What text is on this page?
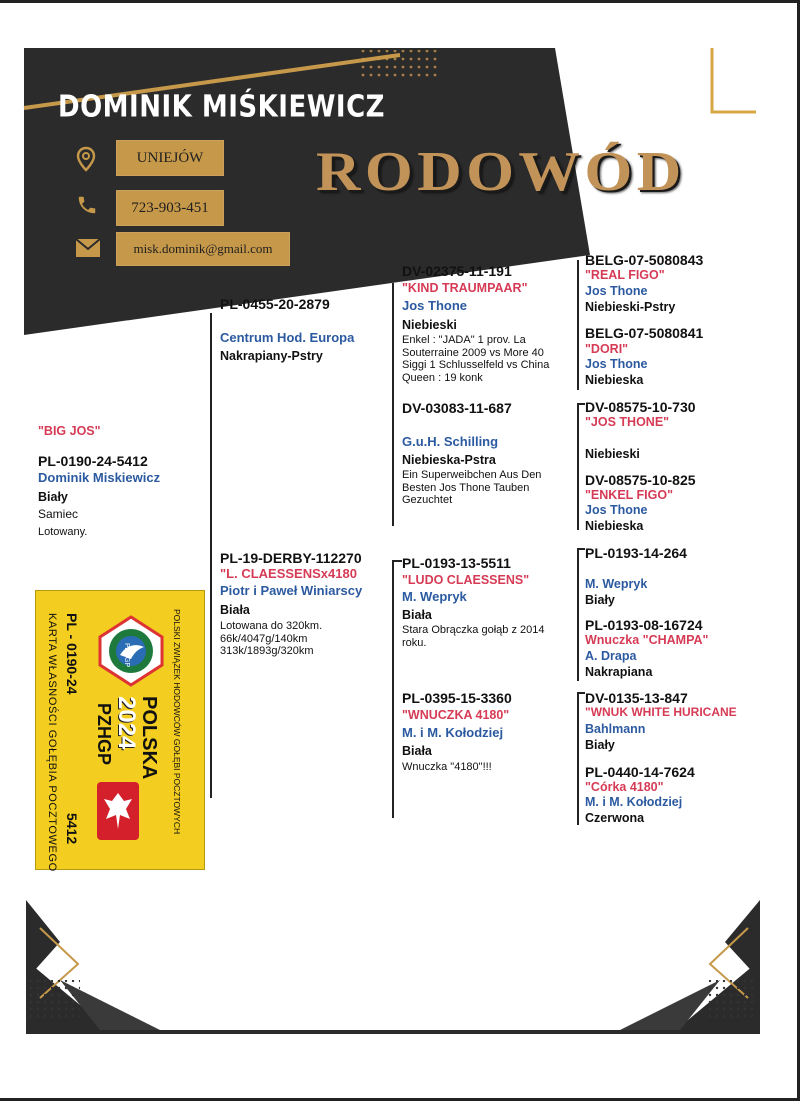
DOMINIK MIŚKIEWICZ
UNIEJÓW
723-903-451
misk.dominik@gmail.com
RODOWÓD
"BIG JOS"
PL-0190-24-5412
Dominik Miskiewicz
Biały
Samiec
Lotowany.
PL-0455-20-2879
Centrum Hod. Europa
Nakrapiany-Pstry
PL-19-DERBY-112270
"L. CLAESSENSx4180
Piotr i Paweł Winiarscy
Biała
Lotowana do 320km.
66k/4047g/140km
313k/1893g/320km
DV-02375-11-191
"KIND TRAUMPAAR"
Jos Thone
Niebieski
Enkel : "JADA" 1 prov. La Souterraine 2009 vs More 40 Siggi 1 Schlusselfeld vs China Queen : 19 konk
DV-03083-11-687
G.u.H. Schilling
Niebieska-Pstra
Ein Superweibchen Aus Den Besten Jos Thone Tauben Gezuchtet
PL-0193-13-5511
"LUDO CLAESSENS"
M. Wepryk
Biała
Stara Obrączka gołąb z 2014 roku.
PL-0395-15-3360
"WNUCZKA 4180"
M. i M. Kołodziej
Biała
Wnuczka "4180"!!!
BELG-07-5080843
"REAL FIGO"
Jos Thone
Niebieski-Pstry
BELG-07-5080841
"DORI"
Jos Thone
Niebieska
DV-08575-10-730
"JOS THONE"
Niebieski
DV-08575-10-825
"ENKEL FIGO"
Jos Thone
Niebieska
PL-0193-14-264
M. Wepryk
Biały
PL-0193-08-16724
Wnuczka "CHAMPA"
A. Drapa
Nakrapiana
DV-0135-13-847
"WNUK WHITE HURICANE
Bahlmann
Biały
PL-0440-14-7624
"Córka 4180"
M. i M. Kołodziej
Czerwona
POLSKI ZWIĄZEK HODOWCÓW GOŁĘBI POCZTOWYCH
PZHGP
POLSKA
2024
PZHGP
PL - 0190-24
5412
KARTA WŁASNOŚCI GOŁĘBIA POCZTOWEGO
